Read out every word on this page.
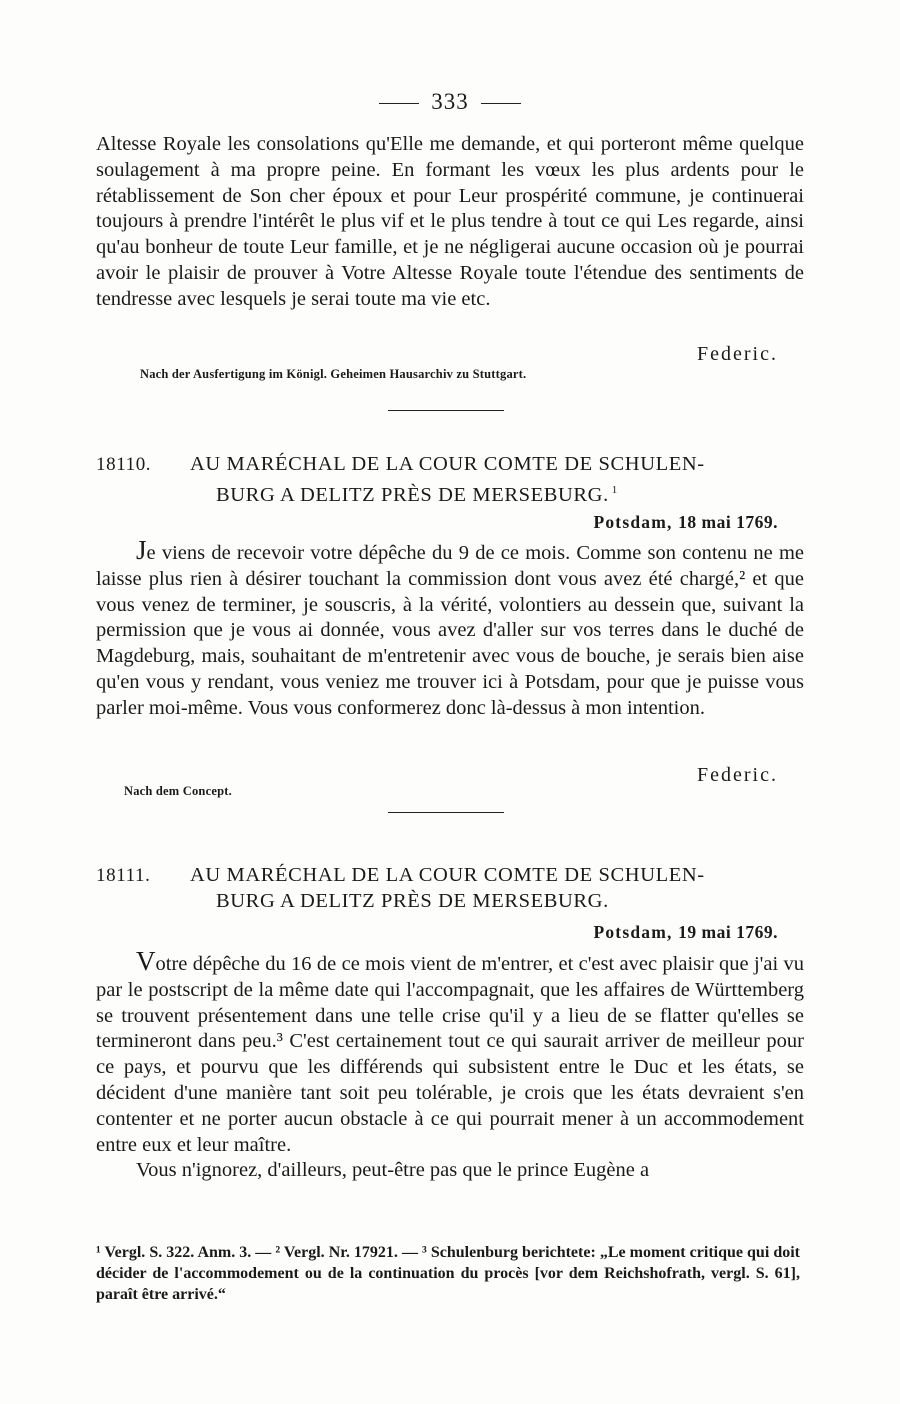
333

Altesse Royale les consolations qu'Elle me demande, et qui porteront même quelque soulagement à ma propre peine. En formant les vœux les plus ardents pour le rétablissement de Son cher époux et pour Leur prospérité commune, je continuerai toujours à prendre l'intérêt le plus vif et le plus tendre à tout ce qui Les regarde, ainsi qu'au bonheur de toute Leur famille, et je ne négligerai aucune occasion où je pourrai avoir le plaisir de prouver à Votre Altesse Royale toute l'étendue des sentiments de tendresse avec lesquels je serai toute ma vie etc.

Federic.
Nach der Ausfertigung im Königl. Geheimen Hausarchiv zu Stuttgart.
18110. AU MARÉCHAL DE LA COUR COMTE DE SCHULEN-
BURG A DELITZ PRÈS DE MERSEBURG. $^1$
Potsdam, 18 mai 1769.

Je viens de recevoir votre dépêche du 9 de ce mois. Comme son contenu ne me laisse plus rien à désirer touchant la commission dont vous avez été chargé,² et que vous venez de terminer, je souscris, à la vérité, volontiers au dessein que, suivant la permission que je vous ai donnée, vous avez d'aller sur vos terres dans le duché de Magdeburg, mais, souhaitant de m'entretenir avec vous de bouche, je serais bien aise qu'en vous y rendant, vous veniez me trouver ici à Potsdam, pour que je puisse vous parler moi-même. Vous vous conformerez donc là-dessus à mon intention.

Federic.
Nach dem Concept.
18111. AU MARÉCHAL DE LA COUR COMTE DE SCHULEN-
BURG A DELITZ PRÈS DE MERSEBURG.
Potsdam, 19 mai 1769.

Votre dépêche du 16 de ce mois vient de m'entrer, et c'est avec plaisir que j'ai vu par le postscript de la même date qui l'accompagnait, que les affaires de Württemberg se trouvent présentement dans une telle crise qu'il y a lieu de se flatter qu'elles se termineront dans peu.³ C'est certainement tout ce qui saurait arriver de meilleur pour ce pays, et pourvu que les différends qui subsistent entre le Duc et les états, se décident d'une manière tant soit peu tolérable, je crois que les états devraient s'en contenter et ne porter aucun obstacle à ce qui pourrait mener à un accommodement entre eux et leur maître.

Vous n'ignorez, d'ailleurs, peut-être pas que le prince Eugène a

¹ Vergl. S. 322. Anm. 3. — ² Vergl. Nr. 17921. — ³ Schulenburg berichtete: „Le moment critique qui doit décider de l'accommodement ou de la continuation du procès [vor dem Reichshofrath, vergl. S. 61], paraît être arrivé.“
